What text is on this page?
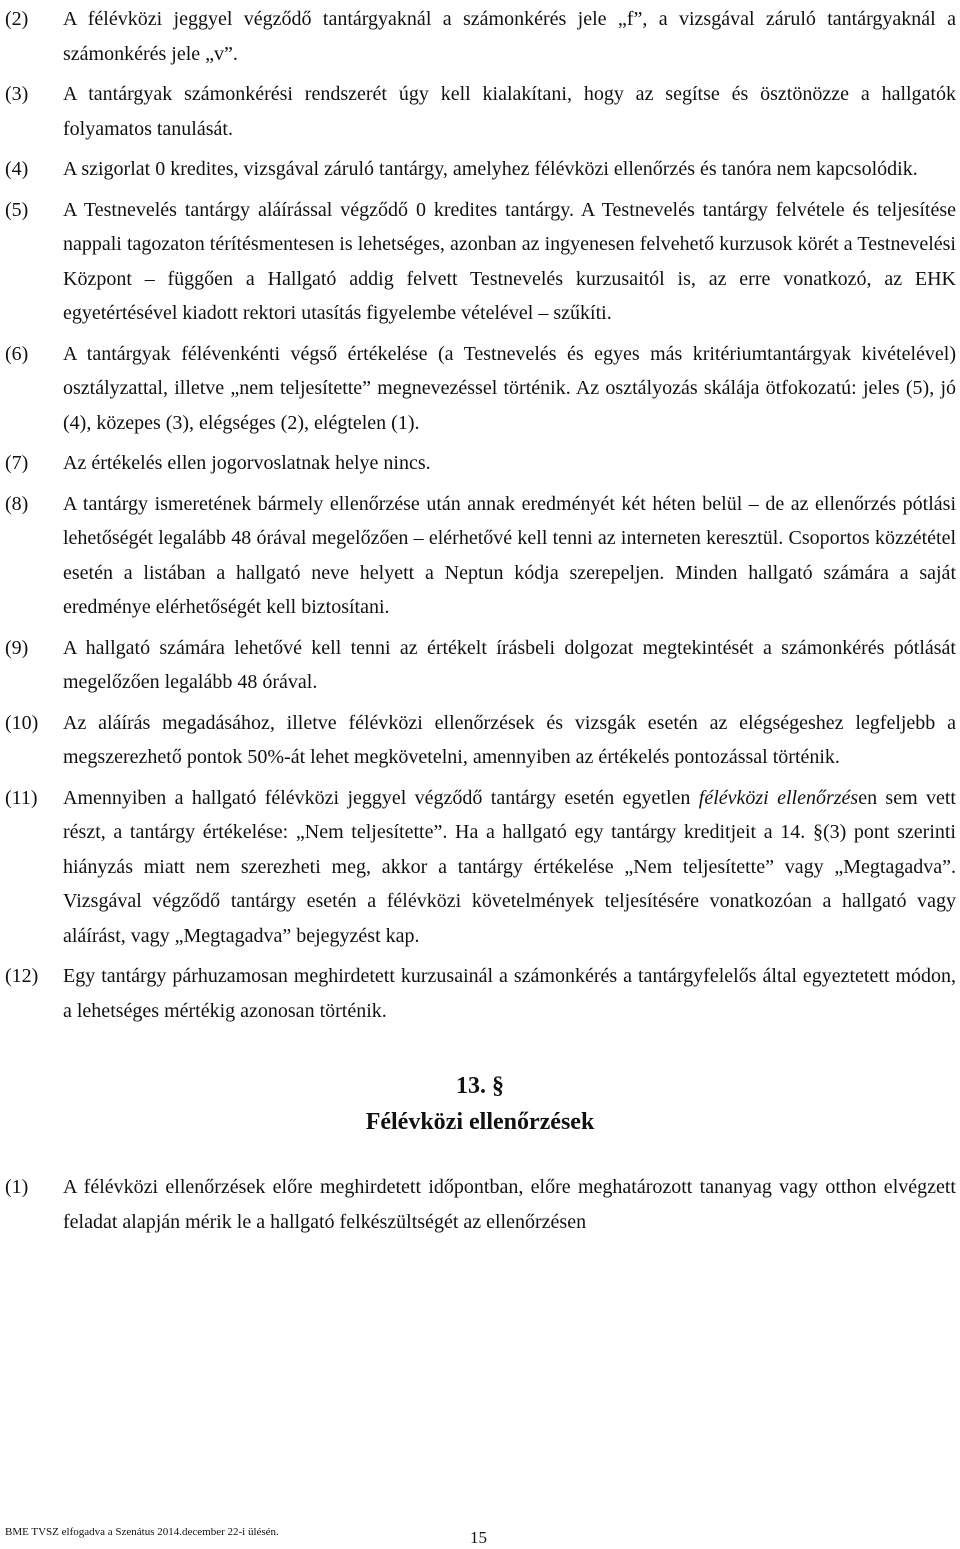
(2) A félévközi jeggyel végződő tantárgyaknál a számonkérés jele „f”, a vizsgával záruló tantárgyaknál a számonkérés jele „v”.
(3) A tantárgyak számonkérési rendszerét úgy kell kialakítani, hogy az segítse és ösztönözze a hallgatók folyamatos tanulását.
(4) A szigorlat 0 kredites, vizsgával záruló tantárgy, amelyhez félévközi ellenőrzés és tanóra nem kapcsolódik.
(5) A Testnevelés tantárgy aláírással végződő 0 kredites tantárgy. A Testnevelés tantárgy felvétele és teljesítése nappali tagozaton térítésmentesen is lehetséges, azonban az ingyenesen felvehető kurzusok körét a Testnevelési Központ ‒ függően a Hallgató addig felvett Testnevelés kurzusaitól is, az erre vonatkozó, az EHK egyetértésével kiadott rektori utasítás figyelembe vételével ‒ szűkíti.
(6) A tantárgyak félévenkénti végső értékelése (a Testnevelés és egyes más kritériumtantárgyak kivételével) osztályzattal, illetve „nem teljesítette” megnevezéssel történik. Az osztályozás skálája ötfokozatú: jeles (5), jó (4), közepes (3), elégséges (2), elégtelen (1).
(7) Az értékelés ellen jogorvoslatnak helye nincs.
(8) A tantárgy ismeretének bármely ellenőrzése után annak eredményét két héten belül ‒ de az ellenőrzés pótlási lehetőségét legalább 48 órával megelőzően ‒ elérhetővé kell tenni az interneten keresztül. Csoportos közzététel esetén a listában a hallgató neve helyett a Neptun kódja szerepeljen. Minden hallgató számára a saját eredménye elérhetőségét kell biztosítani.
(9) A hallgató számára lehetővé kell tenni az értékelt írásbeli dolgozat megtekintését a számonkérés pótlását megelőzően legalább 48 órával.
(10) Az aláírás megadásához, illetve félévközi ellenőrzések és vizsgák esetén az elégségeshez legfeljebb a megszerezhető pontok 50%-át lehet megkövetelni, amennyiben az értékelés pontozással történik.
(11) Amennyiben a hallgató félévközi jeggyel végződő tantárgy esetén egyetlen félévközi ellenőrzésen sem vett részt, a tantárgy értékelése: „Nem teljesítette”. Ha a hallgató egy tantárgy kreditjeit a 14. §(3) pont szerinti hiányzás miatt nem szerezheti meg, akkor a tantárgy értékelése „Nem teljesítette” vagy „Megtagadva”. Vizsgával végződő tantárgy esetén a félévközi követelmények teljesítésére vonatkozóan a hallgató vagy aláírást, vagy „Megtagadva” bejegyzést kap.
(12) Egy tantárgy párhuzamosan meghirdetett kurzusainál a számonkérés a tantárgyfelelős által egyeztetett módon, a lehetséges mértékig azonosan történik.
13. §
Félévközi ellenőrzések
(1) A félévközi ellenőrzések előre meghirdetett időpontban, előre meghatározott tananyag vagy otthon elvégzett feladat alapján mérik le a hallgató felkészültségét az ellenőrzésen
BME TVSZ elfogadva a Szenátus 2014.december 22-i ülésén.	15
